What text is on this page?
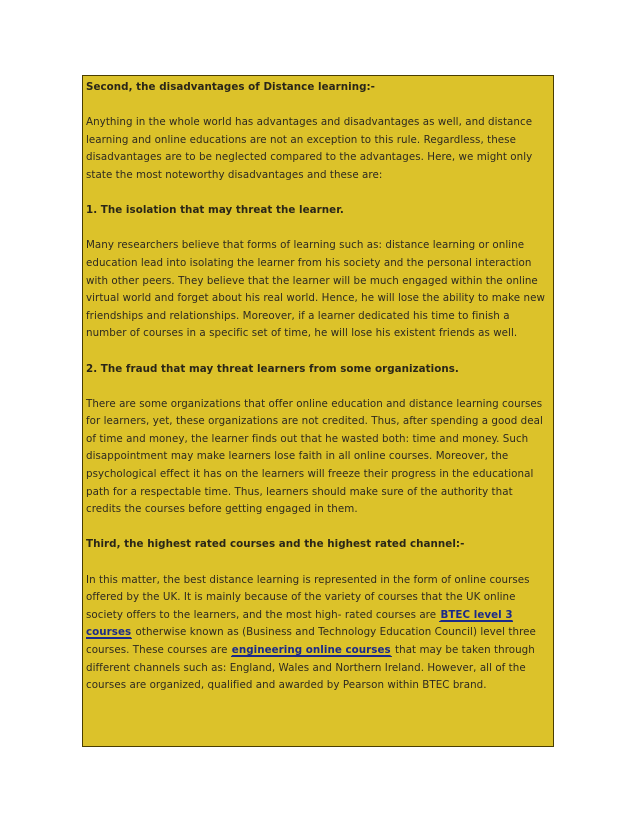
Second, the disadvantages of Distance learning:-

Anything in the whole world has advantages and disadvantages as well, and distance learning and online educations are not an exception to this rule. Regardless, these disadvantages are to be neglected compared to the advantages. Here, we might only state the most noteworthy disadvantages and these are:

1. The isolation that may threat the learner.

Many researchers believe that forms of learning such as: distance learning or online education lead into isolating the learner from his society and the personal interaction with other peers. They believe that the learner will be much engaged within the online virtual world and forget about his real world. Hence, he will lose the ability to make new friendships and relationships. Moreover, if a learner dedicated his time to finish a number of courses in a specific set of time, he will lose his existent friends as well.

2. The fraud that may threat learners from some organizations.

There are some organizations that offer online education and distance learning courses for learners, yet, these organizations are not credited. Thus, after spending a good deal of time and money, the learner finds out that he wasted both: time and money. Such disappointment may make learners lose faith in all online courses. Moreover, the psychological effect it has on the learners will freeze their progress in the educational path for a respectable time. Thus, learners should make sure of the authority that credits the courses before getting engaged in them.

Third, the highest rated courses and the highest rated channel:-

In this matter, the best distance learning is represented in the form of online courses offered by the UK. It is mainly because of the variety of courses that the UK online society offers to the learners, and the most high- rated courses are BTEC level 3 courses otherwise known as (Business and Technology Education Council) level three courses. These courses are engineering online courses that may be taken through different channels such as: England, Wales and Northern Ireland. However, all of the courses are organized, qualified and awarded by Pearson within BTEC brand.
